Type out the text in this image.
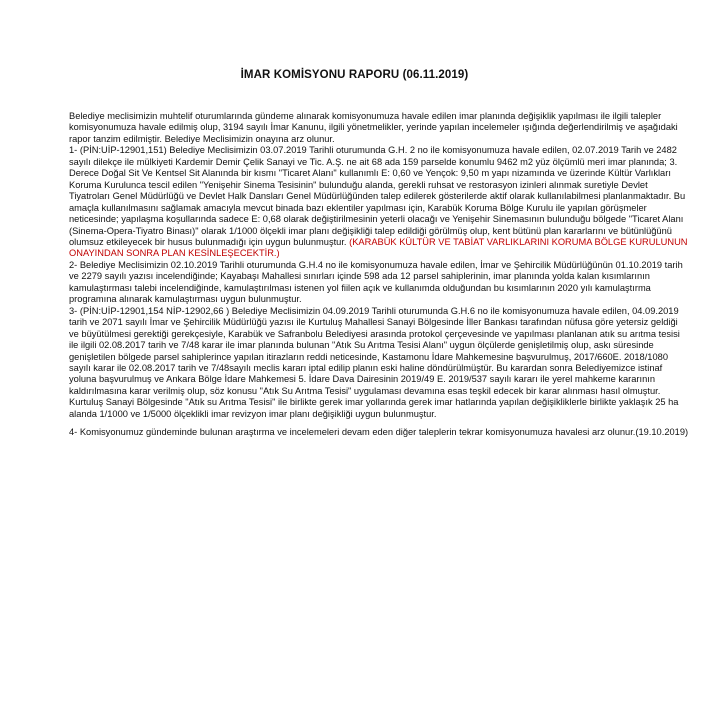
İMAR KOMİSYONU RAPORU (06.11.2019)

Belediye meclisimizin muhtelif oturumlarında gündeme alınarak komisyonumuza havale edilen imar planında değişiklik yapılması ile ilgili talepler komisyonumuza havale edilmiş olup, 3194 sayılı İmar Kanunu, ilgili yönetmelikler, yerinde yapılan incelemeler ışığında değerlendirilmiş ve aşağıdaki rapor tanzim edilmiştir. Belediye Meclisimizin onayına arz olunur.

1- (PİN:UİP-12901,151) Belediye Meclisimizin 03.07.2019 Tarihli oturumunda G.H. 2 no ile komisyonumuza havale edilen, 02.07.2019 Tarih ve 2482 sayılı dilekçe ile mülkiyeti Kardemir Demir Çelik Sanayi ve Tic. A.Ş. ne ait 68 ada 159 parselde konumlu 9462 m2 yüz ölçümlü meri imar planında; 3. Derece Doğal Sit Ve Kentsel Sit Alanında bir kısmı "Ticaret Alanı" kullanımlı E: 0,60 ve Yençok: 9,50 m yapı nizamında ve üzerinde Kültür Varlıkları Koruma Kurulunca tescil edilen "Yenişehir Sinema Tesisinin" bulunduğu alanda, gerekli ruhsat ve restorasyon izinleri alınmak suretiyle Devlet Tiyatroları Genel Müdürlüğü ve Devlet Halk Dansları Genel Müdürlüğünden talep edilerek gösterilerde aktif olarak kullanılabilmesi planlanmaktadır. Bu amaçla kullanılmasını sağlamak amacıyla mevcut binada bazı eklentiler yapılması için, Karabük Koruma Bölge Kurulu ile yapılan görüşmeler neticesinde; yapılaşma koşullarında sadece E: 0,68 olarak değiştirilmesinin yeterli olacağı ve Yenişehir Sinemasının bulunduğu bölgede "Ticaret Alanı (Sinema-Opera-Tiyatro Binası)" olarak 1/1000 ölçekli imar planı değişikliği talep edildiği görülmüş olup, kent bütünü plan kararlarını ve bütünlüğünü olumsuz etkileyecek bir husus bulunmadığı için uygun bulunmuştur. (KARABÜK KÜLTÜR VE TABİAT VARLIKLARINI KORUMA BÖLGE KURULUNUN ONAYINDAN SONRA PLAN KESİNLEŞECEKTİR.)

2- Belediye Meclisimizin 02.10.2019 Tarihli oturumunda G.H.4 no ile komisyonumuza havale edilen, İmar ve Şehircilik Müdürlüğünün 01.10.2019 tarih ve 2279 sayılı yazısı incelendiğinde; Kayabaşı Mahallesi sınırları içinde 598 ada 12 parsel sahiplerinin, imar planında yolda kalan kısımlarının kamulaştırması talebi incelendiğinde, kamulaştırılması istenen yol fiilen açık ve kullanımda olduğundan bu kısımlarının 2020 yılı kamulaştırma programına alınarak kamulaştırması uygun bulunmuştur.

3- (PİN:UİP-12901,154 NİP-12902,66 ) Belediye Meclisimizin 04.09.2019 Tarihli oturumunda G.H.6 no ile komisyonumuza havale edilen, 04.09.2019 tarih ve 2071 sayılı İmar ve Şehircilik Müdürlüğü yazısı ile Kurtuluş Mahallesi Sanayi Bölgesinde İller Bankası tarafından nüfusa göre yetersiz geldiği ve büyütülmesi gerektiği gerekçesiyle, Karabük ve Safranbolu Belediyesi arasında protokol çerçevesinde ve yapılması planlanan atık su arıtma tesisi ile ilgili 02.08.2017 tarih ve 7/48 karar ile imar planında bulunan "Atık Su Arıtma Tesisi Alanı" uygun ölçülerde genişletilmiş olup, askı süresinde genişletilen bölgede parsel sahiplerince yapılan itirazların reddi neticesinde, Kastamonu İdare Mahkemesine başvurulmuş, 2017/660E. 2018/1080 sayılı karar ile 02.08.2017 tarih ve 7/48sayılı meclis kararı iptal edilip planın eski haline döndürülmüştür. Bu karardan sonra Belediyemizce istinaf yoluna başvurulmuş ve Ankara Bölge İdare Mahkemesi 5. İdare Dava Dairesinin 2019/49 E. 2019/537 sayılı kararı ile yerel mahkeme kararının kaldırılmasına karar verilmiş olup, söz konusu "Atık Su Arıtma Tesisi" uygulaması devamına esas teşkil edecek bir karar alınması hasıl olmuştur. Kurtuluş Sanayi Bölgesinde "Atık su Arıtma Tesisi" ile birlikte gerek imar yollarında gerek imar hatlarında yapılan değişikliklerle birlikte yaklaşık 25 ha alanda 1/1000 ve 1/5000 ölçeklikli imar revizyon imar planı değişikliği uygun bulunmuştur.

4- Komisyonumuz gündeminde bulunan araştırma ve incelemeleri devam eden diğer taleplerin tekrar komisyonumuza havalesi arz olunur.(19.10.2019)
